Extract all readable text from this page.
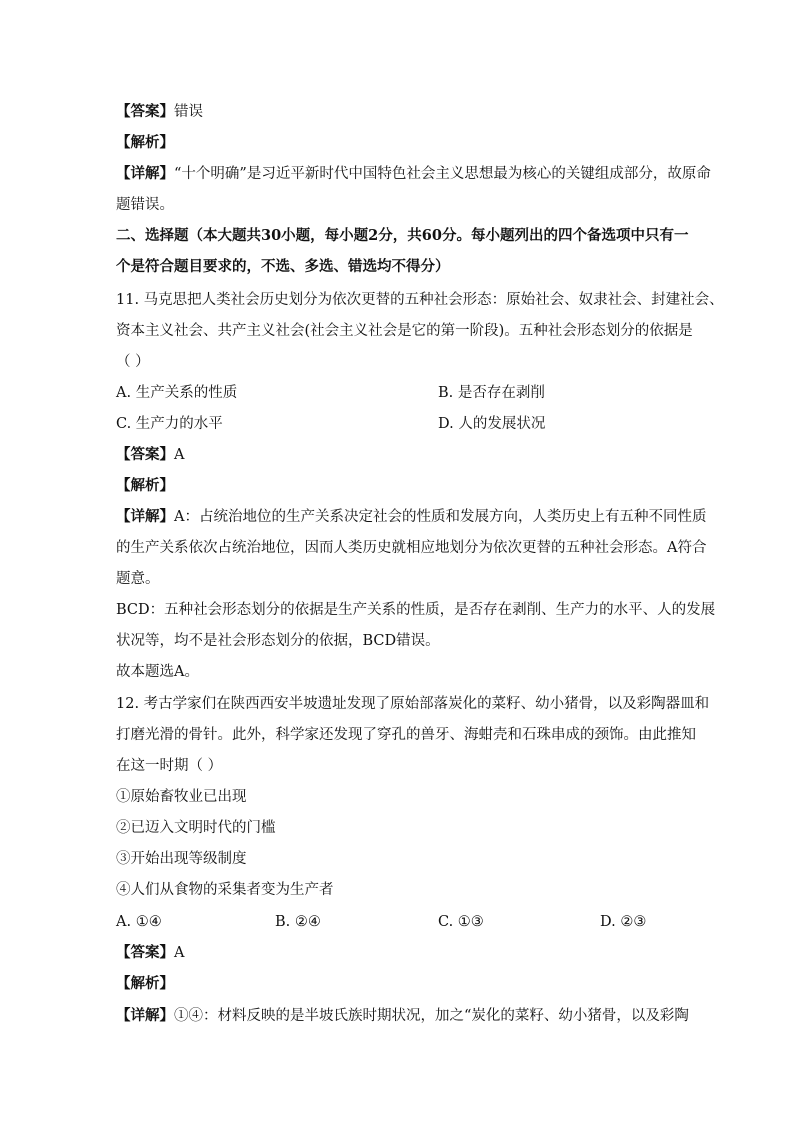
【答案】错误
【解析】
【详解】“十个明确”是习近平新时代中国特色社会主义思想最为核心的关键组成部分，故原命
题错误。
二、选择题（本大题共30小题，每小题2分，共60分。每小题列出的四个备选项中只有一
个是符合题目要求的，不选、多选、错选均不得分）
11. 马克思把人类社会历史划分为依次更替的五种社会形态：原始社会、奴隶社会、封建社会、
资本主义社会、共产主义社会(社会主义社会是它的第一阶段)。五种社会形态划分的依据是
（ ）
A. 生产关系的性质	B. 是否存在剥削
C. 生产力的水平	D. 人的发展状况
【答案】A
【解析】
【详解】A：占统治地位的生产关系决定社会的性质和发展方向，人类历史上有五种不同性质
的生产关系依次占统治地位，因而人类历史就相应地划分为依次更替的五种社会形态。A符合
题意。
BCD：五种社会形态划分的依据是生产关系的性质，是否存在剥削、生产力的水平、人的发展
状况等，均不是社会形态划分的依据，BCD错误。
故本题选A。
12. 考古学家们在陕西西安半坡遗址发现了原始部落炭化的菜籽、幼小猪骨，以及彩陶器皿和
打磨光滑的骨针。此外，科学家还发现了穿孔的兽牙、海蚶壳和石珠串成的颈饰。由此推知
在这一时期（ ）
①原始畜牧业已出现
②已迈入文明时代的门槛
③开始出现等级制度
④人们从食物的采集者变为生产者
A. ①④	B. ②④	C. ①③	D. ②③
【答案】A
【解析】
【详解】①④：材料反映的是半坡氏族时期状况，加之“炭化的菜籽、幼小猪骨，以及彩陶
